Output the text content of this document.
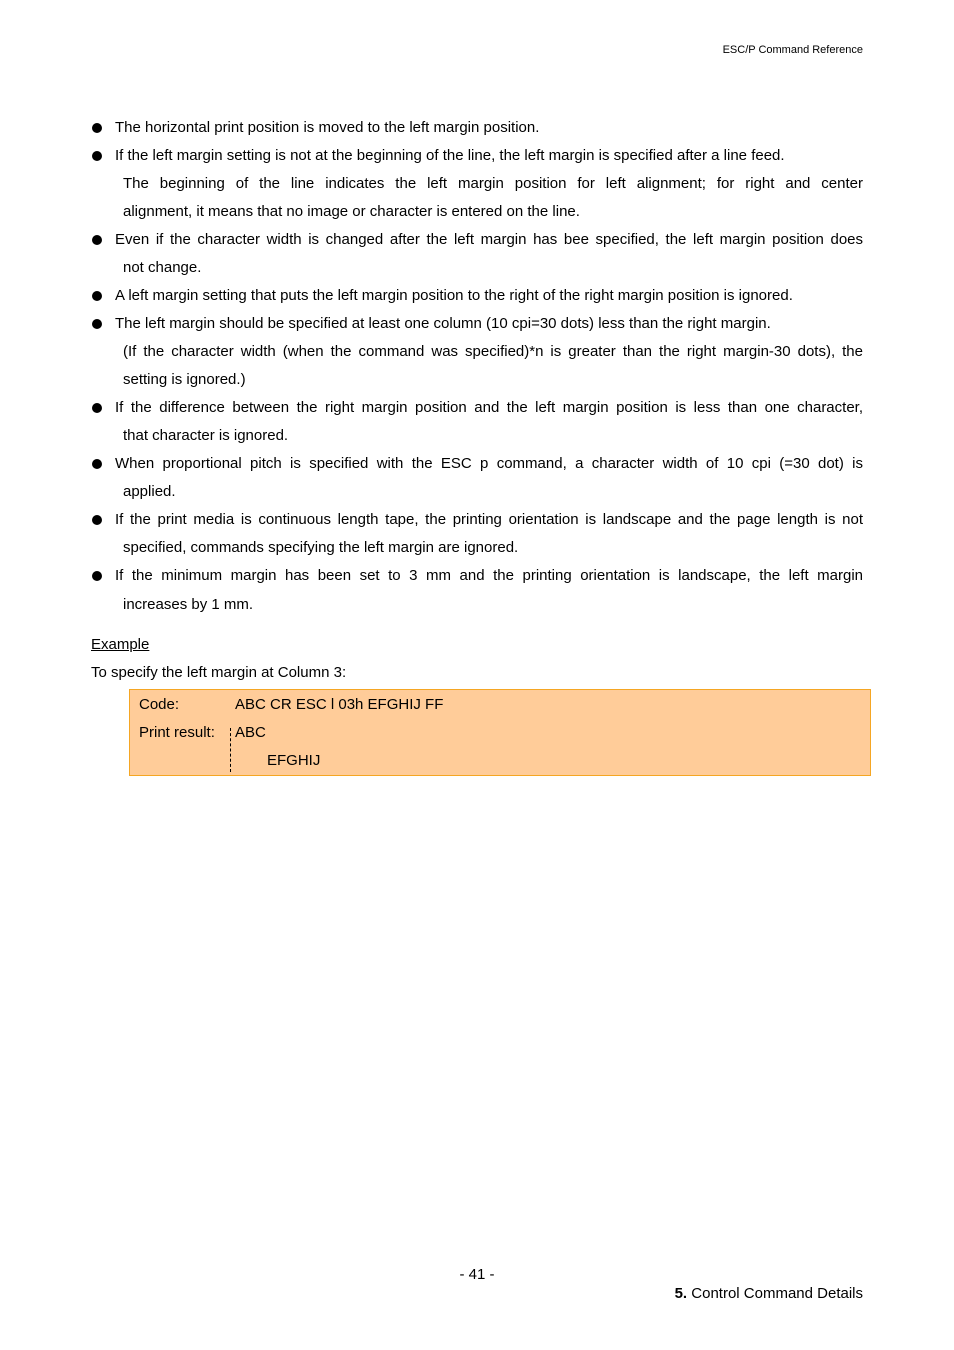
ESC/P Command Reference
The horizontal print position is moved to the left margin position.
If the left margin setting is not at the beginning of the line, the left margin is specified after a line feed.
The beginning of the line indicates the left margin position for left alignment; for right and center
alignment, it means that no image or character is entered on the line.
Even if the character width is changed after the left margin has bee specified, the left margin position does
not change.
A left margin setting that puts the left margin position to the right of the right margin position is ignored.
The left margin should be specified at least one column (10 cpi=30 dots) less than the right margin.
(If the character width (when the command was specified)*n is greater than the right margin-30 dots), the
setting is ignored.)
If the difference between the right margin position and the left margin position is less than one character,
that character is ignored.
When proportional pitch is specified with the ESC p command, a character width of 10 cpi (=30 dot) is
applied.
If the print media is continuous length tape, the printing orientation is landscape and the page length is not
specified, commands specifying the left margin are ignored.
If the minimum margin has been set to 3 mm and the printing orientation is landscape, the left margin
increases by 1 mm.
Example
To specify the left margin at Column 3:
Code:	ABC CR ESC l 03h EFGHIJ FF
Print result: ABC
EFGHIJ
- 41 -
5. Control Command Details
